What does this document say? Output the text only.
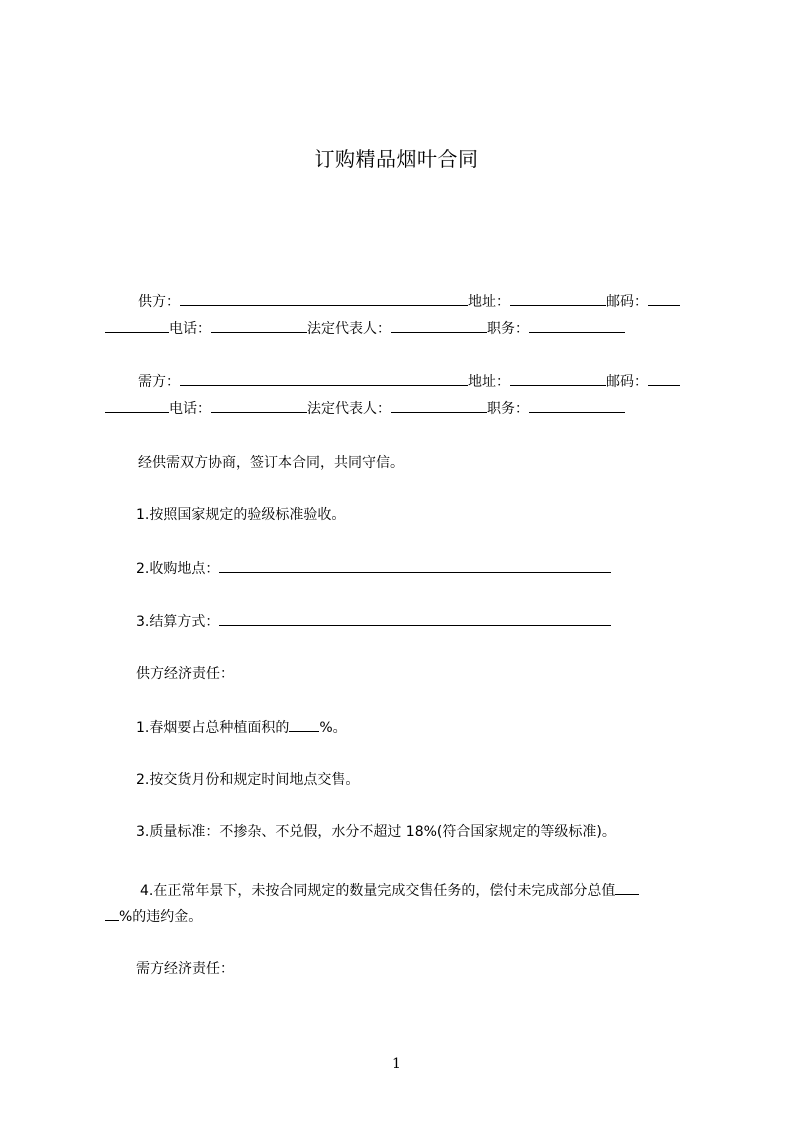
订购精品烟叶合同
供方：	地址：	邮码：
电话：	法定代表人：	职务：
需方：	地址：	邮码：
电话：	法定代表人：	职务：
经供需双方协商，签订本合同，共同守信。
1.按照国家规定的验级标准验收。
2.收购地点：
3.结算方式：
供方经济责任：
1.春烟要占总种植面积的 %。
2.按交货月份和规定时间地点交售。
3.质量标准：不掺杂、不兑假，水分不超过 18%(符合国家规定的等级标准)。
4.在正常年景下，未按合同规定的数量完成交售任务的，偿付未完成部分总值
%的违约金。
需方经济责任：
1
